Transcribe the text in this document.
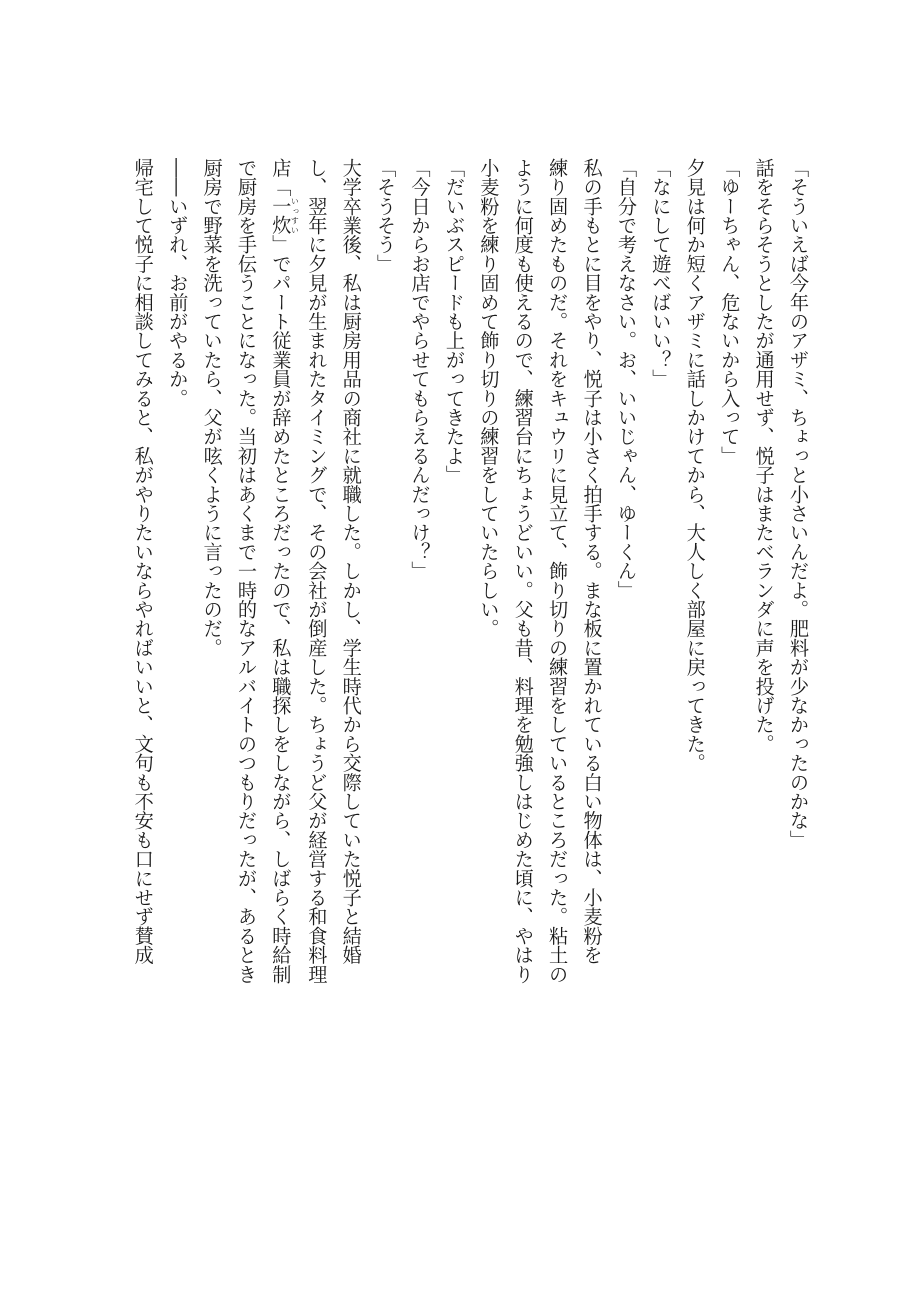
「そういえば今年のアザミ、ちょっと小さいんだよ。肥料が少なかったのかな」
話をそらそうとしたが通用せず、悦子はまたベランダに声を投げた。
「ゆーちゃん、危ないから入って」
夕見は何か短くアザミに話しかけてから、大人しく部屋に戻ってきた。
「なにして遊べばいい？」
「自分で考えなさい。お、いいじゃん、ゆーくん」
私の手もとに目をやり、悦子は小さく拍手する。まな板に置かれている白い物体は、小麦粉を
練り固めたものだ。それをキュウリに見立て、飾り切りの練習をしているところだった。粘土の
ように何度も使えるので、練習台にちょうどいい。父も昔、料理を勉強しはじめた頃に、やはり
小麦粉を練り固めて飾り切りの練習をしていたらしい。
「だいぶスピードも上がってきたよ」
「今日からお店でやらせてもらえるんだっけ？」
「そうそう」
大学卒業後、私は厨房用品の商社に就職した。しかし、学生時代から交際していた悦子と結婚
し、翌年に夕見が生まれたタイミングで、その会社が倒産した。ちょうど父が経営する和食料理
店「一炊いっすい」でパート従業員が辞めたところだったので、私は職探しをしながら、しばらく時給制
で厨房を手伝うことになった。当初はあくまで一時的なアルバイトのつもりだったが、あるとき
厨房で野菜を洗っていたら、父が呟くように言ったのだ。
――いずれ、お前がやるか。
帰宅して悦子に相談してみると、私がやりたいならやればいいと、文句も不安も口にせず賛成
